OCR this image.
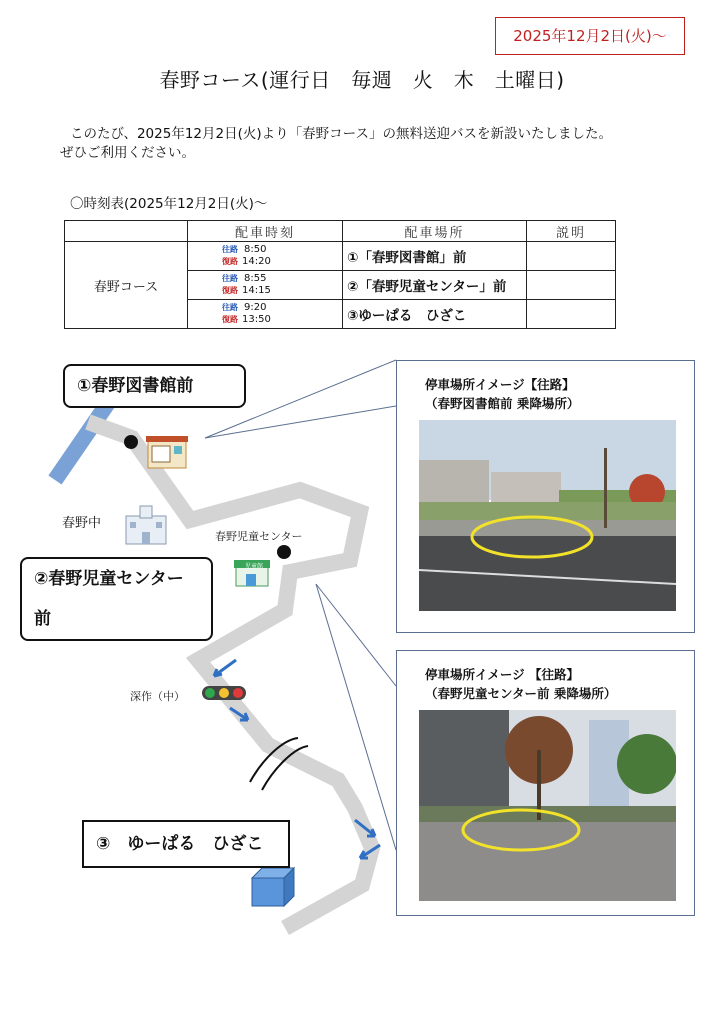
2025年12月2日(火)～
春野コース(運行日　毎週　火　木　土曜日)
このたび、2025年12月2日(火)より「春野コース」の無料送迎バスを新設いたしました。ぜひご利用ください。
〇時刻表(2025年12月2日(火)～
	配車時刻	配車場所	説明
春野コース	往路 8:50
復路 14:20	①「春野図書館」前	

	往路 8:55
復路 14:15	②「春野児童センター」前	

	往路 9:20
復路 13:50	③ゆーぱる　ひざこ	
①春野図書館前
②春野児童センター前
③　ゆーぱる　ひざこ
春野中
春野児童センター
深作（中）
児童館
停車場所イメージ【往路】
（春野図書館前 乗降場所）
停車場所イメージ 【往路】
（春野児童センター前 乗降場所）
